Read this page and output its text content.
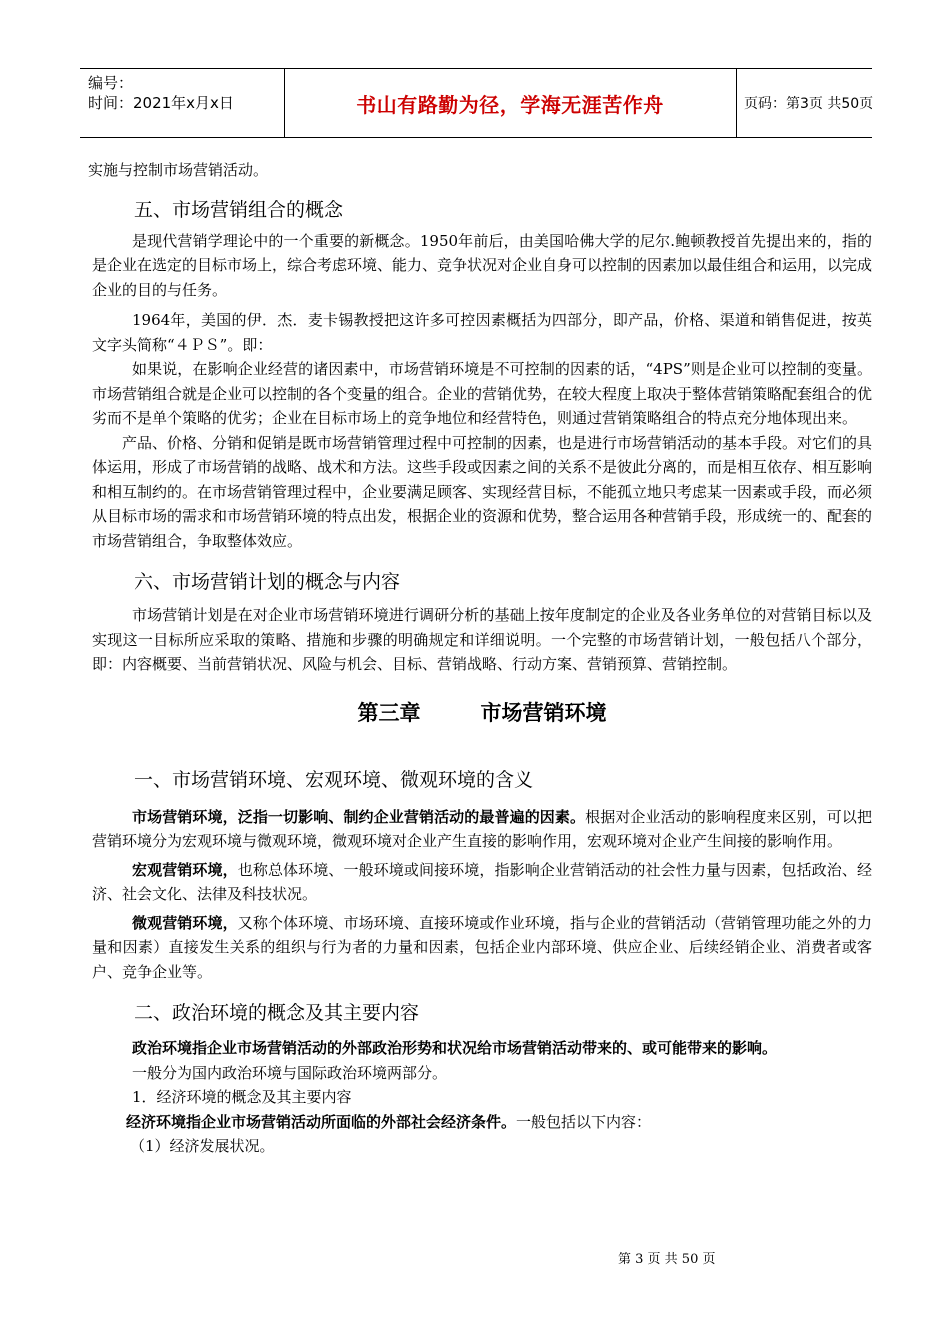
编号：
时间：2021年x月x日	书山有路勤为径，学海无涯苦作舟	页码：第3页 共50页

实施与控制市场营销活动。

五、市场营销组合的概念

是现代营销学理论中的一个重要的新概念。1950年前后，由美国哈佛大学的尼尔.鲍顿教授首先提出来的，指的是企业在选定的目标市场上，综合考虑环境、能力、竞争状况对企业自身可以控制的因素加以最佳组合和运用，以完成企业的目的与任务。

1964年，美国的伊．杰．麦卡锡教授把这许多可控因素概括为四部分，即产品，价格、渠道和销售促进，按英文字头简称“４ＰＳ”。即：

如果说，在影响企业经营的诸因素中，市场营销环境是不可控制的因素的话，“4PS”则是企业可以控制的变量。市场营销组合就是企业可以控制的各个变量的组合。企业的营销优势，在较大程度上取决于整体营销策略配套组合的优劣而不是单个策略的优劣；企业在目标市场上的竞争地位和经营特色，则通过营销策略组合的特点充分地体现出来。

产品、价格、分销和促销是既市场营销管理过程中可控制的因素，也是进行市场营销活动的基本手段。对它们的具体运用，形成了市场营销的战略、战术和方法。这些手段或因素之间的关系不是彼此分离的，而是相互依存、相互影响和相互制约的。在市场营销管理过程中，企业要满足顾客、实现经营目标，不能孤立地只考虑某一因素或手段，而必须从目标市场的需求和市场营销环境的特点出发，根据企业的资源和优势，整合运用各种营销手段，形成统一的、配套的市场营销组合，争取整体效应。

六、市场营销计划的概念与内容

市场营销计划是在对企业市场营销环境进行调研分析的基础上按年度制定的企业及各业务单位的对营销目标以及实现这一目标所应采取的策略、措施和步骤的明确规定和详细说明。一个完整的市场营销计划，一般包括八个部分，即：内容概要、当前营销状况、风险与机会、目标、营销战略、行动方案、营销预算、营销控制。

第三章	市场营销环境
一、市场营销环境、宏观环境、微观环境的含义

市场营销环境，泛指一切影响、制约企业营销活动的最普遍的因素。根据对企业活动的影响程度来区别，可以把营销环境分为宏观环境与微观环境，微观环境对企业产生直接的影响作用，宏观环境对企业产生间接的影响作用。

宏观营销环境，也称总体环境、一般环境或间接环境，指影响企业营销活动的社会性力量与因素，包括政治、经济、社会文化、法律及科技状况。

微观营销环境，又称个体环境、市场环境、直接环境或作业环境，指与企业的营销活动（营销管理功能之外的力量和因素）直接发生关系的组织与行为者的力量和因素，包括企业内部环境、供应企业、后续经销企业、消费者或客户、竞争企业等。

二、政治环境的概念及其主要内容

政治环境指企业市场营销活动的外部政治形势和状况给市场营销活动带来的、或可能带来的影响。

一般分为国内政治环境与国际政治环境两部分。

1．经济环境的概念及其主要内容

经济环境指企业市场营销活动所面临的外部社会经济条件。一般包括以下内容：

（1）经济发展状况。

第 3 页 共 50 页
